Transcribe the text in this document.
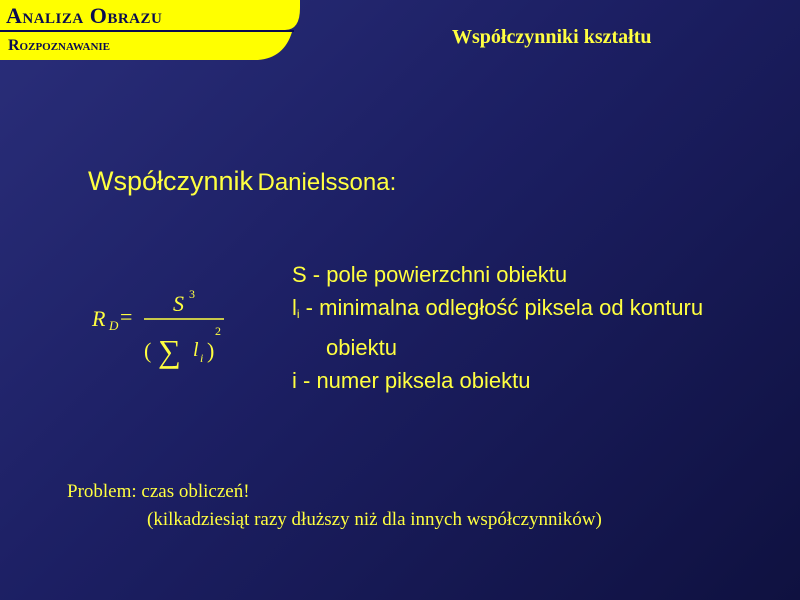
Analiza Obrazu
Rozpoznawanie	Współczynniki kształtu
Współczynnik Danielssona:
R D =
S 3
( ∑ l i )
2
S - pole powierzchni obiektu
$l_i$ - minimalna odległość piksela od konturu
obiektu
i - numer piksela obiektu
Problem: czas obliczeń!
(kilkadziesiąt razy dłuższy niż dla innych współczynników)
